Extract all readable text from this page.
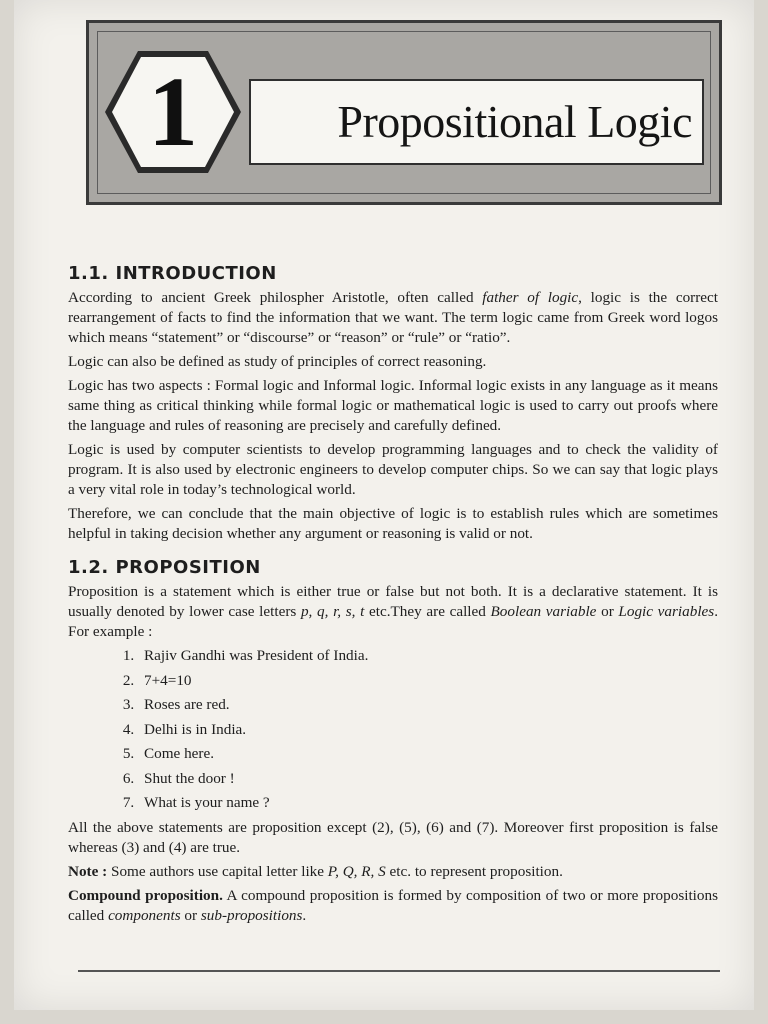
Propositional Logic
1
1.1. INTRODUCTION

According to ancient Greek philospher Aristotle, often called father of logic, logic is the correct rearrangement of facts to find the information that we want. The term logic came from Greek word logos which means “statement” or “discourse” or “reason” or “rule” or “ratio”.

Logic can also be defined as study of principles of correct reasoning.

Logic has two aspects : Formal logic and Informal logic. Informal logic exists in any language as it means same thing as critical thinking while formal logic or mathematical logic is used to carry out proofs where the language and rules of reasoning are precisely and carefully defined.

Logic is used by computer scientists to develop programming languages and to check the validity of program. It is also used by electronic engineers to develop computer chips. So we can say that logic plays a very vital role in today’s technological world.

Therefore, we can conclude that the main objective of logic is to establish rules which are sometimes helpful in taking decision whether any argument or reasoning is valid or not.

1.2. PROPOSITION

Proposition is a statement which is either true or false but not both. It is a declarative statement. It is usually denoted by lower case letters p, q, r, s, t etc.They are called Boolean variable or Logic variables. For example :

1. Rajiv Gandhi was President of India.
2. 7+4=10
3. Roses are red.
4. Delhi is in India.
5. Come here.
6. Shut the door !
7. What is your name ?

All the above statements are proposition except (2), (5), (6) and (7). Moreover first proposition is false whereas (3) and (4) are true.

Note : Some authors use capital letter like P, Q, R, S etc. to represent proposition.

Compound proposition. A compound proposition is formed by composition of two or more propositions called components or sub-propositions.
